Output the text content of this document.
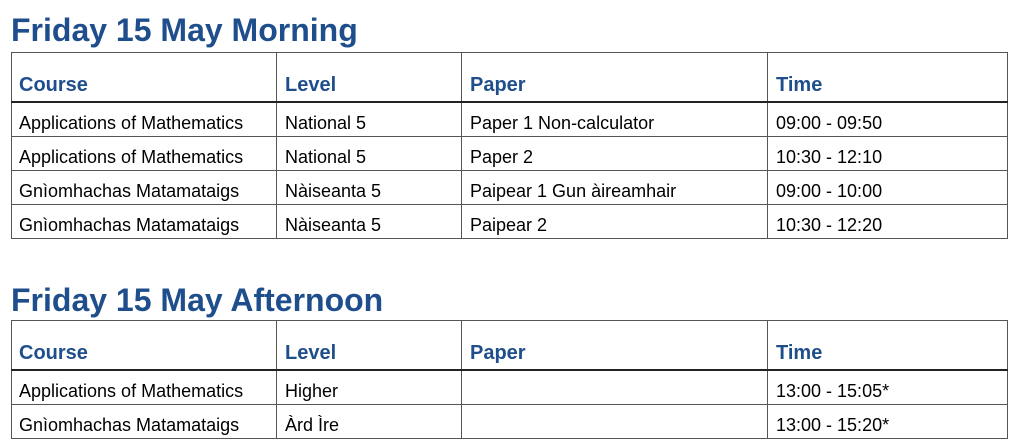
Friday 15 May Morning
Course	Level	Paper	Time
Applications of Mathematics	National 5	Paper 1 Non-calculator	09:00 - 09:50
Applications of Mathematics	National 5	Paper 2	10:30 - 12:10
Gnìomhachas Matamataigs	Nàiseanta 5	Paipear 1 Gun àireamhair	09:00 - 10:00
Gnìomhachas Matamataigs	Nàiseanta 5	Paipear 2	10:30 - 12:20
Friday 15 May Afternoon
Course	Level	Paper	Time
Applications of Mathematics	Higher		13:00 - 15:05*
Gnìomhachas Matamataigs	Àrd Ìre		13:00 - 15:20*
